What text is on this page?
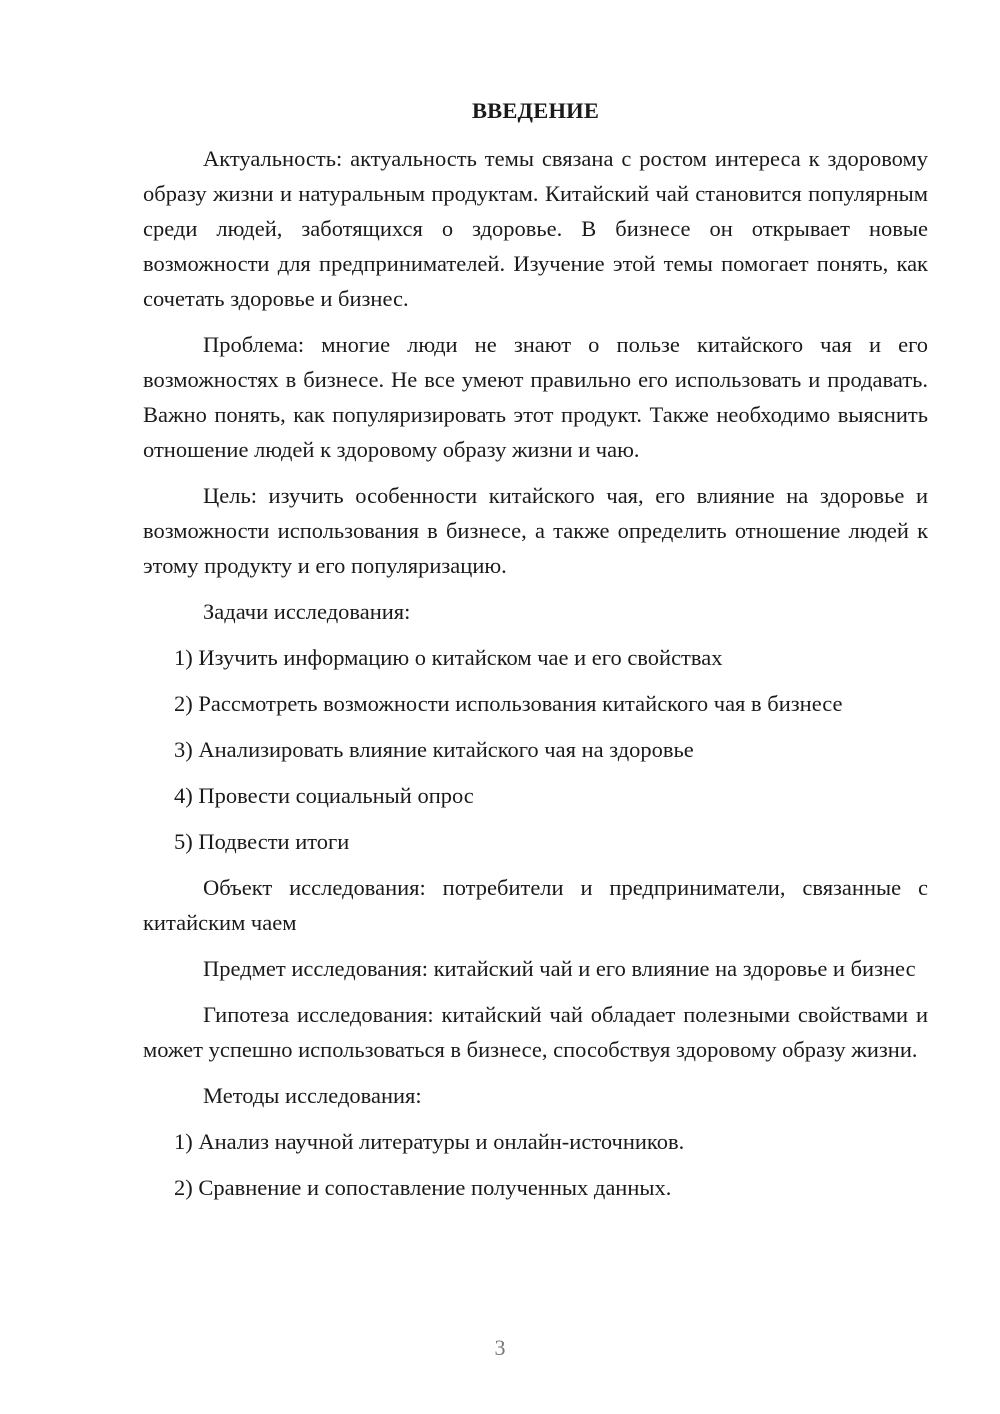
ВВЕДЕНИЕ

Актуальность: актуальность темы связана с ростом интереса к здоровому образу жизни и натуральным продуктам. Китайский чай становится популярным среди людей, заботящихся о здоровье. В бизнесе он открывает новые возможности для предпринимателей. Изучение этой темы помогает понять, как сочетать здоровье и бизнес.

Проблема: многие люди не знают о пользе китайского чая и его возможностях в бизнесе. Не все умеют правильно его использовать и продавать. Важно понять, как популяризировать этот продукт. Также необходимо выяснить отношение людей к здоровому образу жизни и чаю.

Цель: изучить особенности китайского чая, его влияние на здоровье и возможности использования в бизнесе, а также определить отношение людей к этому продукту и его популяризацию.

Задачи исследования:

1) Изучить информацию о китайском чае и его свойствах

2) Рассмотреть возможности использования китайского чая в бизнесе

3) Анализировать влияние китайского чая на здоровье

4) Провести социальный опрос

5) Подвести итоги

Объект исследования: потребители и предприниматели, связанные с китайским чаем

Предмет исследования: китайский чай и его влияние на здоровье и бизнес

Гипотеза исследования: китайский чай обладает полезными свойствами и может успешно использоваться в бизнесе, способствуя здоровому образу жизни.

Методы исследования:

1) Анализ научной литературы и онлайн-источников.

2) Сравнение и сопоставление полученных данных.

3
